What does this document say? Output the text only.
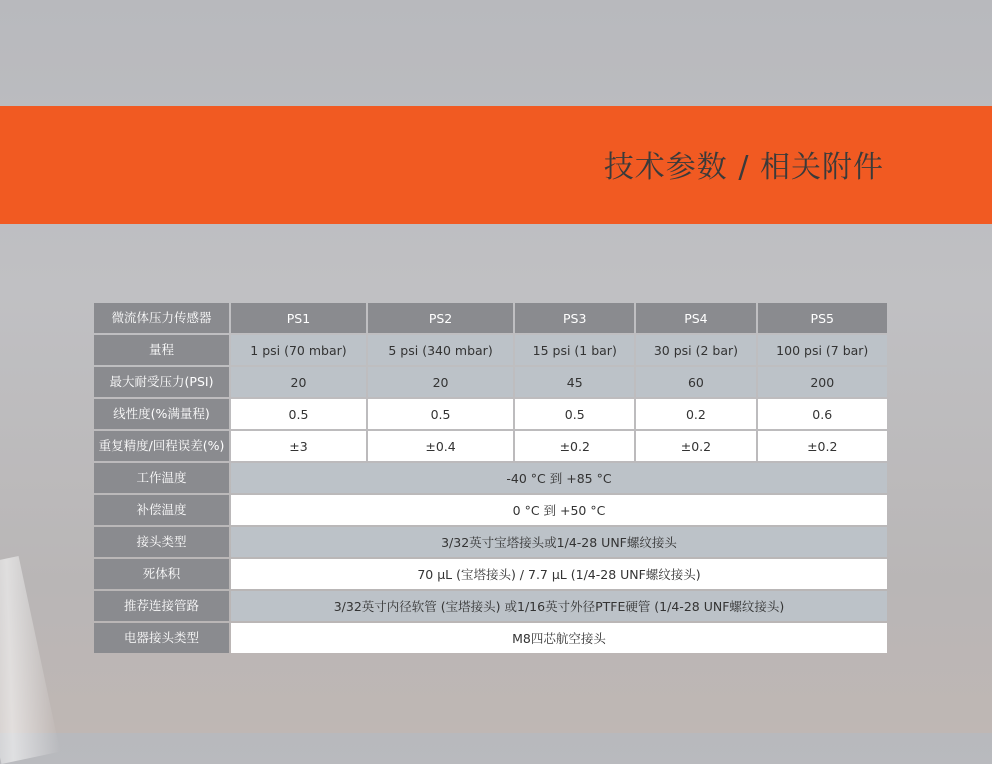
技术参数 / 相关附件
微流体压力传感器	PS1	PS2	PS3	PS4	PS5
量程	1 psi (70 mbar)	5 psi (340 mbar)	15 psi (1 bar)	30 psi (2 bar)	100 psi (7 bar)
最大耐受压力(PSI)	20	20	45	60	200
线性度(%满量程)	0.5	0.5	0.5	0.2	0.6
重复精度/回程误差(%)	±3	±0.4	±0.2	±0.2	±0.2
工作温度	-40 °C 到 +85 °C				
补偿温度	0 °C 到 +50 °C				
接头类型	3/32英寸宝塔接头或1/4-28 UNF螺纹接头				
死体积	70 μL (宝塔接头) / 7.7 μL (1/4-28 UNF螺纹接头)				
推荐连接管路	3/32英寸内径软管 (宝塔接头) 或1/16英寸外径PTFE硬管 (1/4-28 UNF螺纹接头)				
电器接头类型	M8四芯航空接头				
